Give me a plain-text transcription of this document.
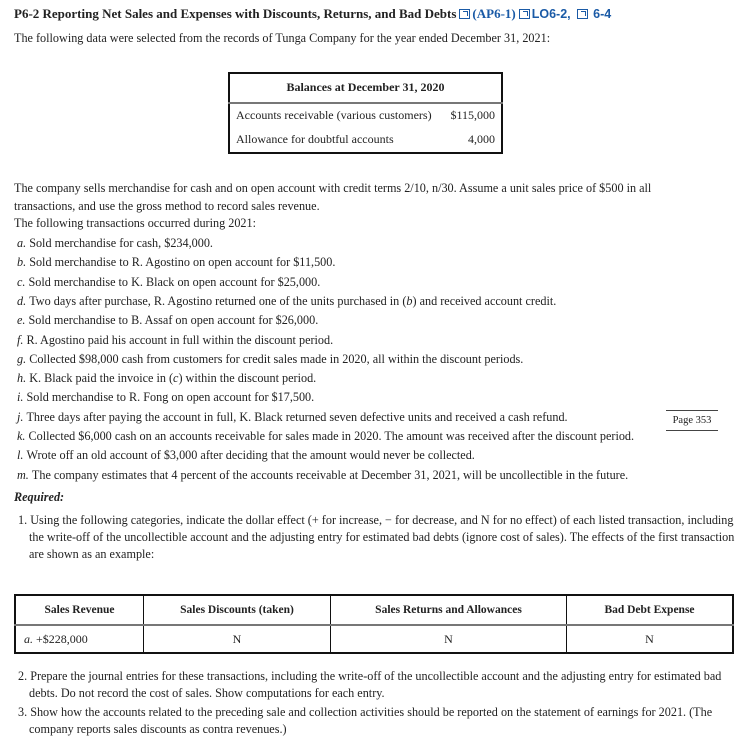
P6-2 Reporting Net Sales and Expenses with Discounts, Returns, and Bad Debts (AP6-1) LO6-2, 6-4
The following data were selected from the records of Tunga Company for the year ended December 31, 2021:
Balances at December 31, 2020	
Accounts receivable (various customers)	$115,000
Allowance for doubtful accounts	4,000
The company sells merchandise for cash and on open account with credit terms 2/10, n/30. Assume a unit sales price of $500 in all transactions, and use the gross method to record sales revenue.
The following transactions occurred during 2021:
a. Sold merchandise for cash, $234,000.
b. Sold merchandise to R. Agostino on open account for $11,500.
c. Sold merchandise to K. Black on open account for $25,000.
d. Two days after purchase, R. Agostino returned one of the units purchased in (b) and received account credit.
e. Sold merchandise to B. Assaf on open account for $26,000.
f. R. Agostino paid his account in full within the discount period.
g. Collected $98,000 cash from customers for credit sales made in 2020, all within the discount periods.
h. K. Black paid the invoice in (c) within the discount period.
i. Sold merchandise to R. Fong on open account for $17,500.
j. Three days after paying the account in full, K. Black returned seven defective units and received a cash refund.
k. Collected $6,000 cash on an accounts receivable for sales made in 2020. The amount was received after the discount period.
l. Wrote off an old account of $3,000 after deciding that the amount would never be collected.
m. The company estimates that 4 percent of the accounts receivable at December 31, 2021, will be uncollectible in the future.
Page 353
Required:
1. Using the following categories, indicate the dollar effect (+ for increase, − for decrease, and N for no effect) of each listed transaction, including the write-off of the uncollectible account and the adjusting entry for estimated bad debts (ignore cost of sales). The effects of the first transaction are shown as an example:
Sales Revenue	Sales Discounts (taken)	Sales Returns and Allowances	Bad Debt Expense
a. +$228,000	N	N	N
2. Prepare the journal entries for these transactions, including the write-off of the uncollectible account and the adjusting entry for estimated bad debts. Do not record the cost of sales. Show computations for each entry.
3. Show how the accounts related to the preceding sale and collection activities should be reported on the statement of earnings for 2021. (The company reports sales discounts as contra revenues.)
